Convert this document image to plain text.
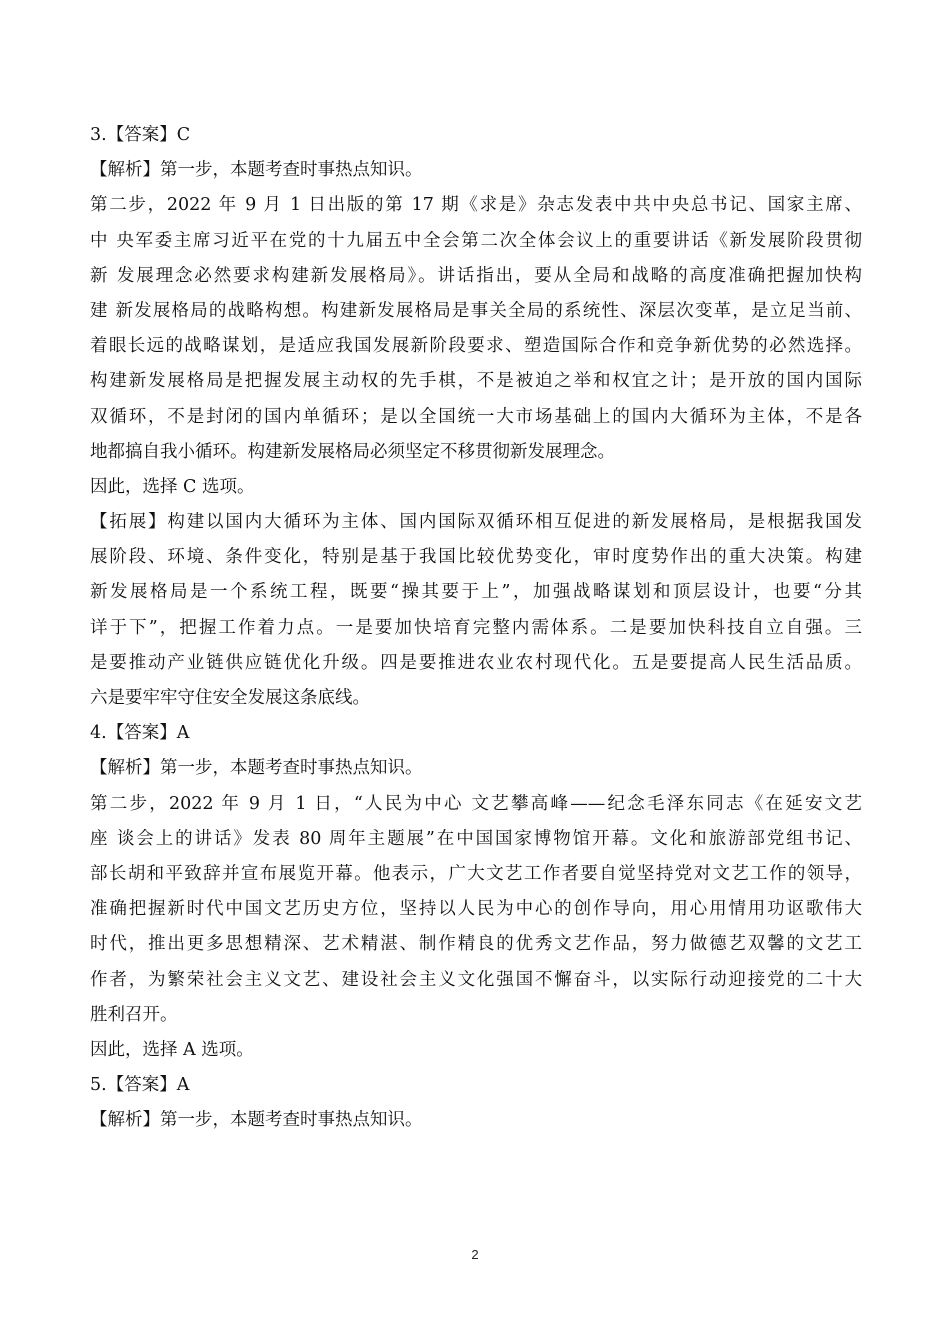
3.【答案】C
【解析】第一步，本题考查时事热点知识。
第二步，2022 年 9 月 1 日出版的第 17 期《求是》杂志发表中共中央总书记、国家主席、
中 央军委主席习近平在党的十九届五中全会第二次全体会议上的重要讲话《新发展阶段贯彻
新 发展理念必然要求构建新发展格局》。讲话指出，要从全局和战略的高度准确把握加快构
建 新发展格局的战略构想。构建新发展格局是事关全局的系统性、深层次变革，是立足当前、
着眼长远的战略谋划，是适应我国发展新阶段要求、塑造国际合作和竞争新优势的必然选择。
构建新发展格局是把握发展主动权的先手棋，不是被迫之举和权宜之计；是开放的国内国际
双循环，不是封闭的国内单循环；是以全国统一大市场基础上的国内大循环为主体，不是各
地都搞自我小循环。构建新发展格局必须坚定不移贯彻新发展理念。
因此，选择 C 选项。
【拓展】构建以国内大循环为主体、国内国际双循环相互促进的新发展格局，是根据我国发
展阶段、环境、条件变化，特别是基于我国比较优势变化，审时度势作出的重大决策。构建
新发展格局是一个系统工程，既要“操其要于上”，加强战略谋划和顶层设计，也要“分其
详于下”，把握工作着力点。一是要加快培育完整内需体系。二是要加快科技自立自强。三
是要推动产业链供应链优化升级。四是要推进农业农村现代化。五是要提高人民生活品质。
六是要牢牢守住安全发展这条底线。
4.【答案】A
【解析】第一步，本题考查时事热点知识。
第二步，2022 年 9 月 1 日，“人民为中心 文艺攀高峰——纪念毛泽东同志《在延安文艺
座 谈会上的讲话》发表 80 周年主题展”在中国国家博物馆开幕。文化和旅游部党组书记、
部长胡和平致辞并宣布展览开幕。他表示，广大文艺工作者要自觉坚持党对文艺工作的领导，
准确把握新时代中国文艺历史方位，坚持以人民为中心的创作导向，用心用情用功讴歌伟大
时代，推出更多思想精深、艺术精湛、制作精良的优秀文艺作品，努力做德艺双馨的文艺工
作者，为繁荣社会主义文艺、建设社会主义文化强国不懈奋斗，以实际行动迎接党的二十大
胜利召开。
因此，选择 A 选项。
5.【答案】A
【解析】第一步，本题考查时事热点知识。
2
